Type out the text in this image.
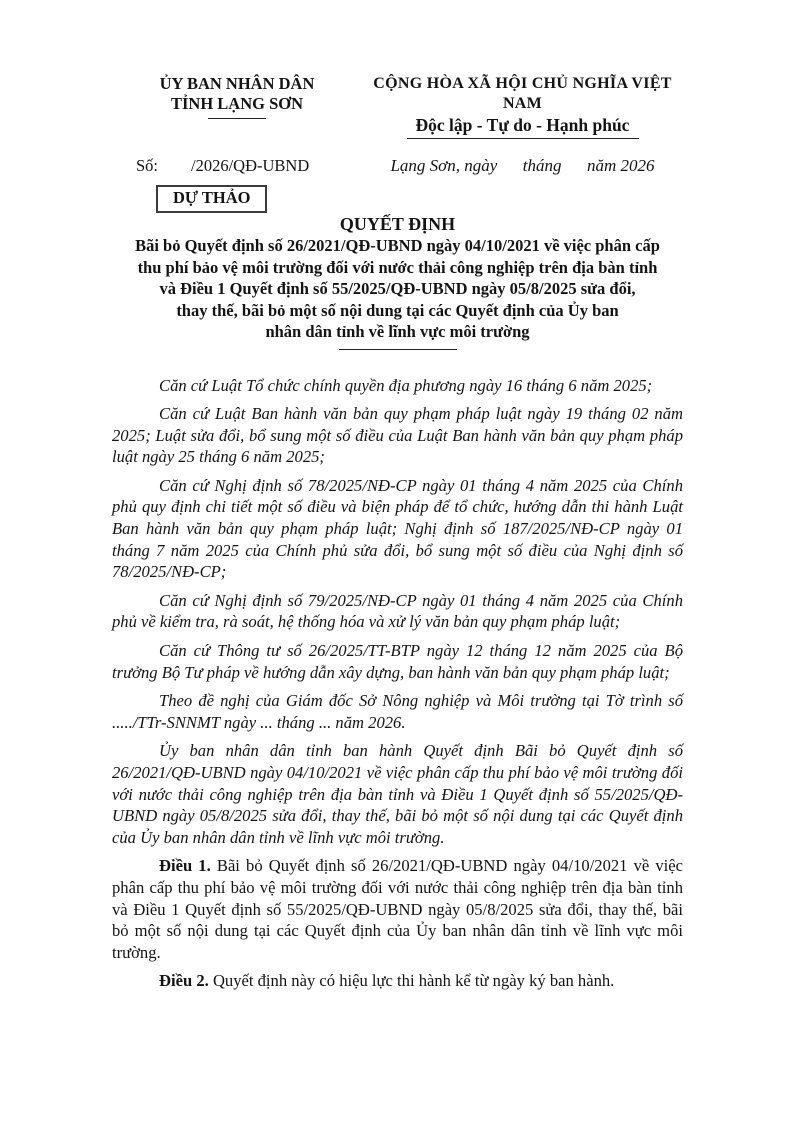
ỦY BAN NHÂN DÂN
TỈNH LẠNG SƠN
CỘNG HÒA XÃ HỘI CHỦ NGHĨA VIỆT NAM
Độc lập - Tự do - Hạnh phúc
Số:        /2026/QĐ-UBND	Lạng Sơn, ngày      tháng      năm 2026
DỰ THẢO
QUYẾT ĐỊNH
Bãi bỏ Quyết định số 26/2021/QĐ-UBND ngày 04/10/2021 về việc phân cấp
thu phí bảo vệ môi trường đối với nước thải công nghiệp trên địa bàn tỉnh
và Điều 1 Quyết định số 55/2025/QĐ-UBND ngày 05/8/2025 sửa đổi,
thay thế, bãi bỏ một số nội dung tại các Quyết định của Ủy ban
nhân dân tỉnh về lĩnh vực môi trường

Căn cứ Luật Tổ chức chính quyền địa phương ngày 16 tháng 6 năm 2025;

Căn cứ Luật Ban hành văn bản quy phạm pháp luật ngày 19 tháng 02 năm 2025; Luật sửa đổi, bổ sung một số điều của Luật Ban hành văn bản quy phạm pháp luật ngày 25 tháng 6 năm 2025;

Căn cứ Nghị định số 78/2025/NĐ-CP ngày 01 tháng 4 năm 2025 của Chính phủ quy định chi tiết một số điều và biện pháp để tổ chức, hướng dẫn thi hành Luật Ban hành văn bản quy phạm pháp luật; Nghị định số 187/2025/NĐ-CP ngày 01 tháng 7 năm 2025 của Chính phủ sửa đổi, bổ sung một số điều của Nghị định số 78/2025/NĐ-CP;

Căn cứ Nghị định số 79/2025/NĐ-CP ngày 01 tháng 4 năm 2025 của Chính phủ về kiểm tra, rà soát, hệ thống hóa và xử lý văn bản quy phạm pháp luật;

Căn cứ Thông tư số 26/2025/TT-BTP ngày 12 tháng 12 năm 2025 của Bộ trưởng Bộ Tư pháp về hướng dẫn xây dựng, ban hành văn bản quy phạm pháp luật;

Theo đề nghị của Giám đốc Sở Nông nghiệp và Môi trường tại Tờ trình số ...../TTr-SNNMT ngày ... tháng ... năm 2026.

Ủy ban nhân dân tỉnh ban hành Quyết định Bãi bỏ Quyết định số 26/2021/QĐ-UBND ngày 04/10/2021 về việc phân cấp thu phí bảo vệ môi trường đối với nước thải công nghiệp trên địa bàn tỉnh và Điều 1 Quyết định số 55/2025/QĐ-UBND ngày 05/8/2025 sửa đổi, thay thế, bãi bỏ một số nội dung tại các Quyết định của Ủy ban nhân dân tỉnh về lĩnh vực môi trường.

Điều 1. Bãi bỏ Quyết định số 26/2021/QĐ-UBND ngày 04/10/2021 về việc phân cấp thu phí bảo vệ môi trường đối với nước thải công nghiệp trên địa bàn tỉnh và Điều 1 Quyết định số 55/2025/QĐ-UBND ngày 05/8/2025 sửa đổi, thay thế, bãi bỏ một số nội dung tại các Quyết định của Ủy ban nhân dân tỉnh về lĩnh vực môi trường.

Điều 2. Quyết định này có hiệu lực thi hành kể từ ngày ký ban hành.
